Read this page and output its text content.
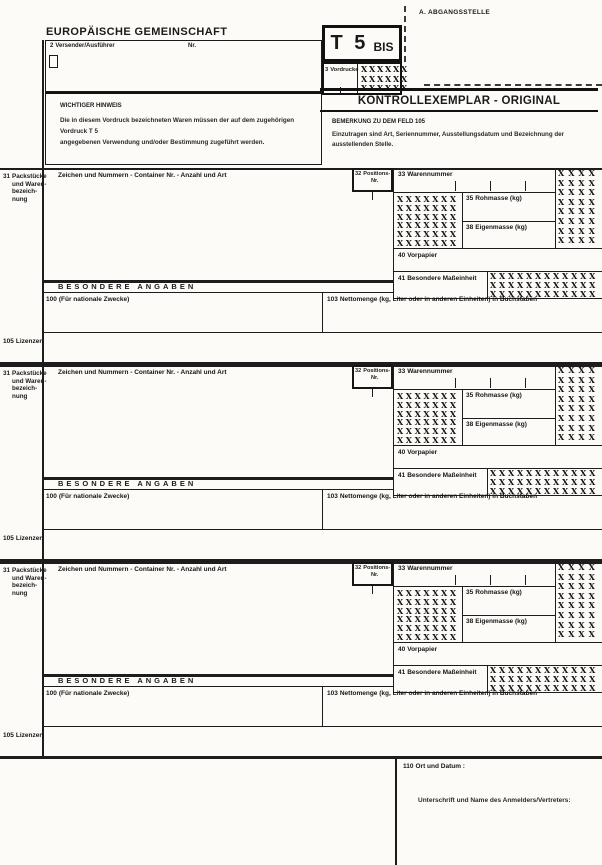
EUROPÄISCHE GEMEINSCHAFT
2 Versender/Ausführer	Nr.
WICHTIGER HINWEIS
Die in diesem Vordruck bezeichneten Waren müssen der auf dem zugehörigen Vordruck T 5
angegebenen Verwendung und/oder Bestimmung zugeführt werden.
T 5 BIS
3 Vordrucke XXXXXX
XXXXXX
XXXXXX
A. ABGANGSSTELLE
KONTROLLEXEMPLAR - ORIGINAL
BEMERKUNG ZU DEM FELD 105
Einzutragen sind Art, Seriennummer, Ausstellungsdatum und Bezeichnung der
ausstellenden Stelle.
31 Packstücke
und Waren-
bezeich-
nung
Zeichen und Nummern - Container Nr. - Anzahl und Art	32 Positions-
Nr.
33 Warennummer	XXXX
XXXX
XXXX
XXXX
XXXX
XXXX
XXXX
XXXX
XXXXXXX
XXXXXXX
XXXXXXX
XXXXXXX
XXXXXXX
XXXXXXX
35 Rohmasse (kg)
38 Eigenmasse (kg)
40 Vorpapier
41 Besondere Maßeinheit XXXXXXXXXXXX
XXXXXXXXXXXX
XXXXXXXXXXXX
BESONDERE ANGABEN
100 (Für nationale Zwecke)	103 Nettomenge (kg, Liter oder in anderen Einheiten) in Buchstaben
105 Lizenzen
31 Packstücke
und Waren-
bezeich-
nung
Zeichen und Nummern - Container Nr. - Anzahl und Art	32 Positions-
Nr.
33 Warennummer	XXXX
XXXX
XXXX
XXXX
XXXX
XXXX
XXXX
XXXX
XXXXXXX
XXXXXXX
XXXXXXX
XXXXXXX
XXXXXXX
XXXXXXX
35 Rohmasse (kg)
38 Eigenmasse (kg)
40 Vorpapier
41 Besondere Maßeinheit XXXXXXXXXXXX
XXXXXXXXXXXX
XXXXXXXXXXXX
BESONDERE ANGABEN
100 (Für nationale Zwecke)	103 Nettomenge (kg, Liter oder in anderen Einheiten) in Buchstaben
105 Lizenzen
31 Packstücke
und Waren-
bezeich-
nung
Zeichen und Nummern - Container Nr. - Anzahl und Art	32 Positions-
Nr.
33 Warennummer	XXXX
XXXX
XXXX
XXXX
XXXX
XXXX
XXXX
XXXX
XXXXXXX
XXXXXXX
XXXXXXX
XXXXXXX
XXXXXXX
XXXXXXX
35 Rohmasse (kg)
38 Eigenmasse (kg)
40 Vorpapier
41 Besondere Maßeinheit XXXXXXXXXXXX
XXXXXXXXXXXX
XXXXXXXXXXXX
BESONDERE ANGABEN
100 (Für nationale Zwecke)	103 Nettomenge (kg, Liter oder in anderen Einheiten) in Buchstaben
105 Lizenzen
110 Ort und Datum :
Unterschrift und Name des Anmelders/Vertreters:
